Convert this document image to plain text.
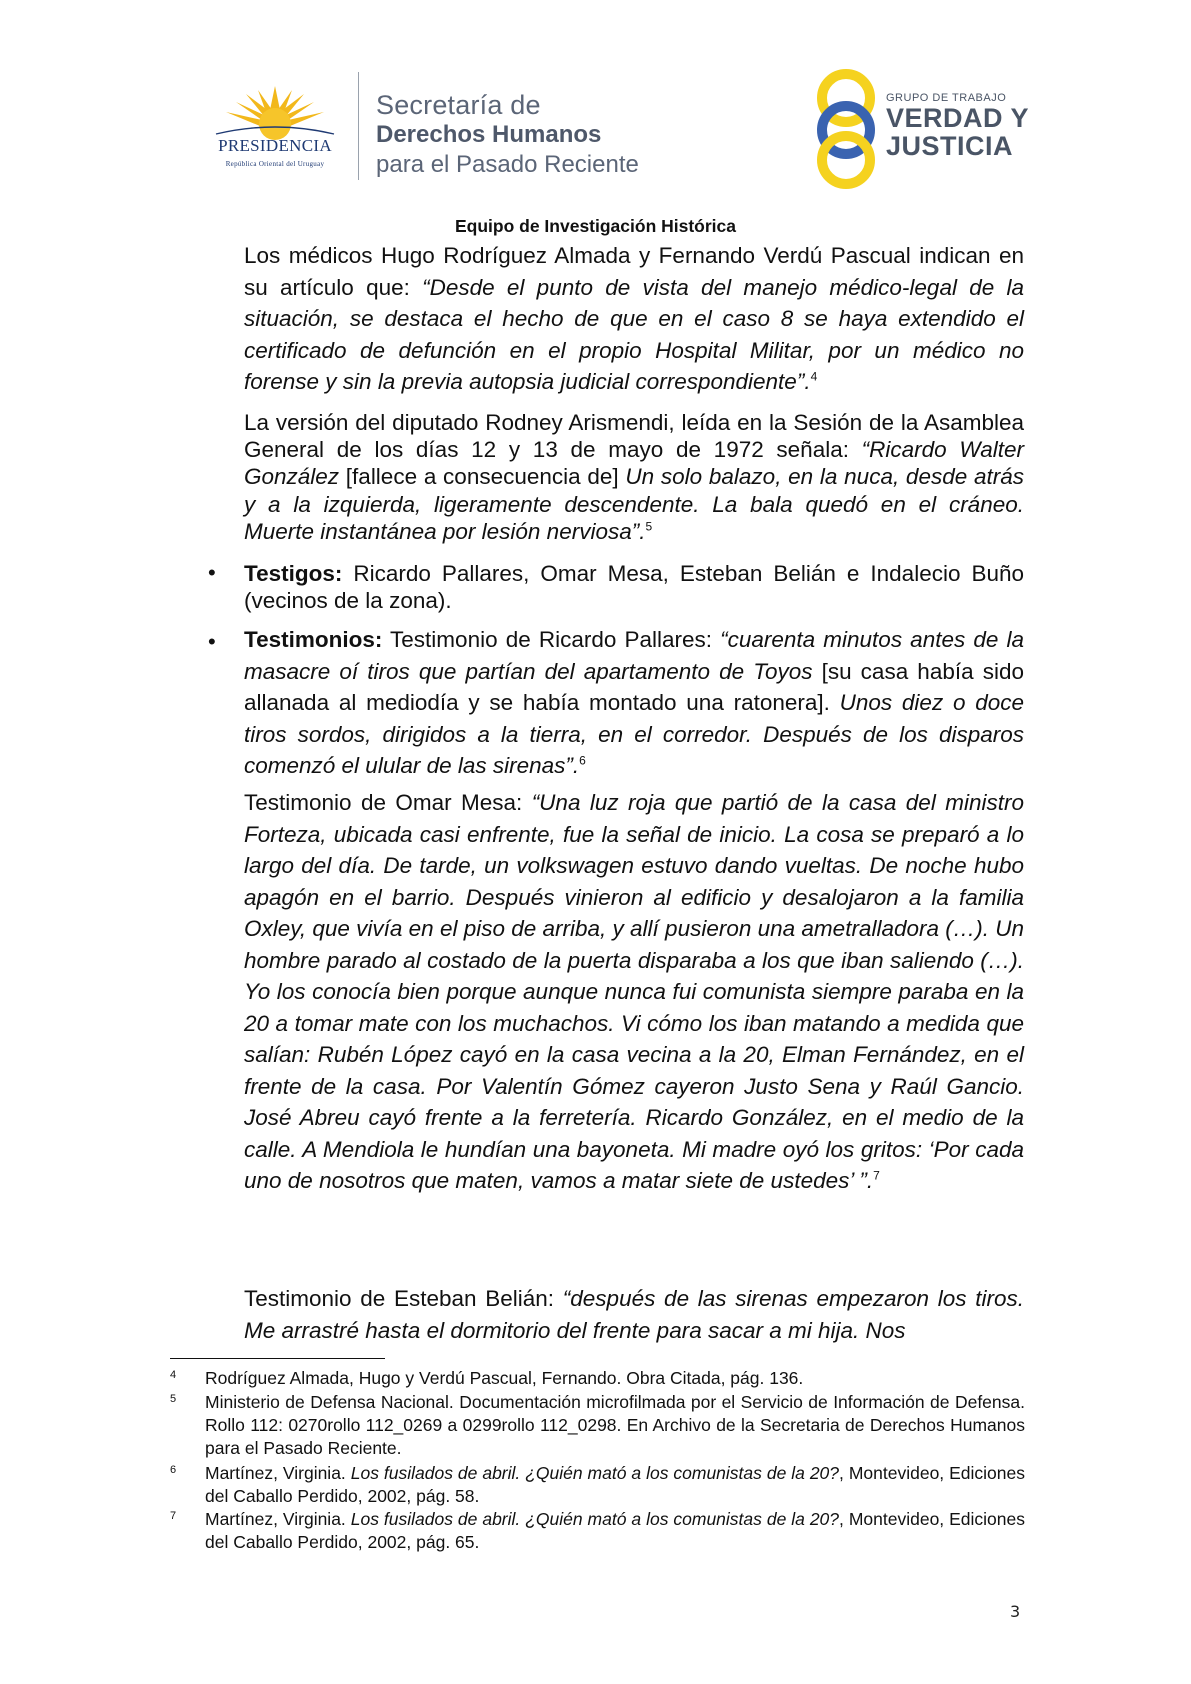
PRESIDENCIA
República Oriental del Uruguay
Secretaría de
Derechos Humanos
para el Pasado Reciente
GRUPO DE TRABAJO
VERDAD Y
JUSTICIA
Equipo de Investigación Histórica

Los médicos Hugo Rodríguez Almada y Fernando Verdú Pascual indican en su artículo que: “Desde el punto de vista del manejo médico-legal de la situación, se destaca el hecho de que en el caso 8 se haya extendido el certificado de defunción en el propio Hospital Militar, por un médico no forense y sin la previa autopsia judicial correspondiente”.$^4$

La versión del diputado Rodney Arismendi, leída en la Sesión de la Asamblea General de los días 12 y 13 de mayo de 1972 señala: “Ricardo Walter González [fallece a consecuencia de] Un solo balazo, en la nuca, desde atrás y a la izquierda, ligeramente descendente. La bala quedó en el cráneo. Muerte instantánea por lesión nerviosa”.$^5$

• Testigos: Ricardo Pallares, Omar Mesa, Esteban Belián e Indalecio Buño (vecinos de la zona).

• Testimonios: Testimonio de Ricardo Pallares: “cuarenta minutos antes de la masacre oí tiros que partían del apartamento de Toyos [su casa había sido allanada al mediodía y se había montado una ratonera]. Unos diez o doce tiros sordos, dirigidos a la tierra, en el corredor. Después de los disparos comenzó el ulular de las sirenas”.$^6$

Testimonio de Omar Mesa: “Una luz roja que partió de la casa del ministro Forteza, ubicada casi enfrente, fue la señal de inicio. La cosa se preparó a lo largo del día. De tarde, un volkswagen estuvo dando vueltas. De noche hubo apagón en el barrio. Después vinieron al edificio y desalojaron a la familia Oxley, que vivía en el piso de arriba, y allí pusieron una ametralladora (…). Un hombre parado al costado de la puerta disparaba a los que iban saliendo (…). Yo los conocía bien porque aunque nunca fui comunista siempre paraba en la 20 a tomar mate con los muchachos. Vi cómo los iban matando a medida que salían: Rubén López cayó en la casa vecina a la 20, Elman Fernández, en el frente de la casa. Por Valentín Gómez cayeron Justo Sena y Raúl Gancio. José Abreu cayó frente a la ferretería. Ricardo González, en el medio de la calle. A Mendiola le hundían una bayoneta. Mi madre oyó los gritos: ‘Por cada uno de nosotros que maten, vamos a matar siete de ustedes’ ”.$^7$

Testimonio de Esteban Belián: “después de las sirenas empezaron los tiros. Me arrastré hasta el dormitorio del frente para sacar a mi hija. Nos

4 Rodríguez Almada, Hugo y Verdú Pascual, Fernando. Obra Citada, pág. 136.
5 Ministerio de Defensa Nacional. Documentación microfilmada por el Servicio de Información de Defensa. Rollo 112: 0270rollo 112_0269 a 0299rollo 112_0298. En Archivo de la Secretaria de Derechos Humanos para el Pasado Reciente.
6 Martínez, Virginia. Los fusilados de abril. ¿Quién mató a los comunistas de la 20?, Montevideo, Ediciones del Caballo Perdido, 2002, pág. 58.
7 Martínez, Virginia. Los fusilados de abril. ¿Quién mató a los comunistas de la 20?, Montevideo, Ediciones del Caballo Perdido, 2002, pág. 65.
3
